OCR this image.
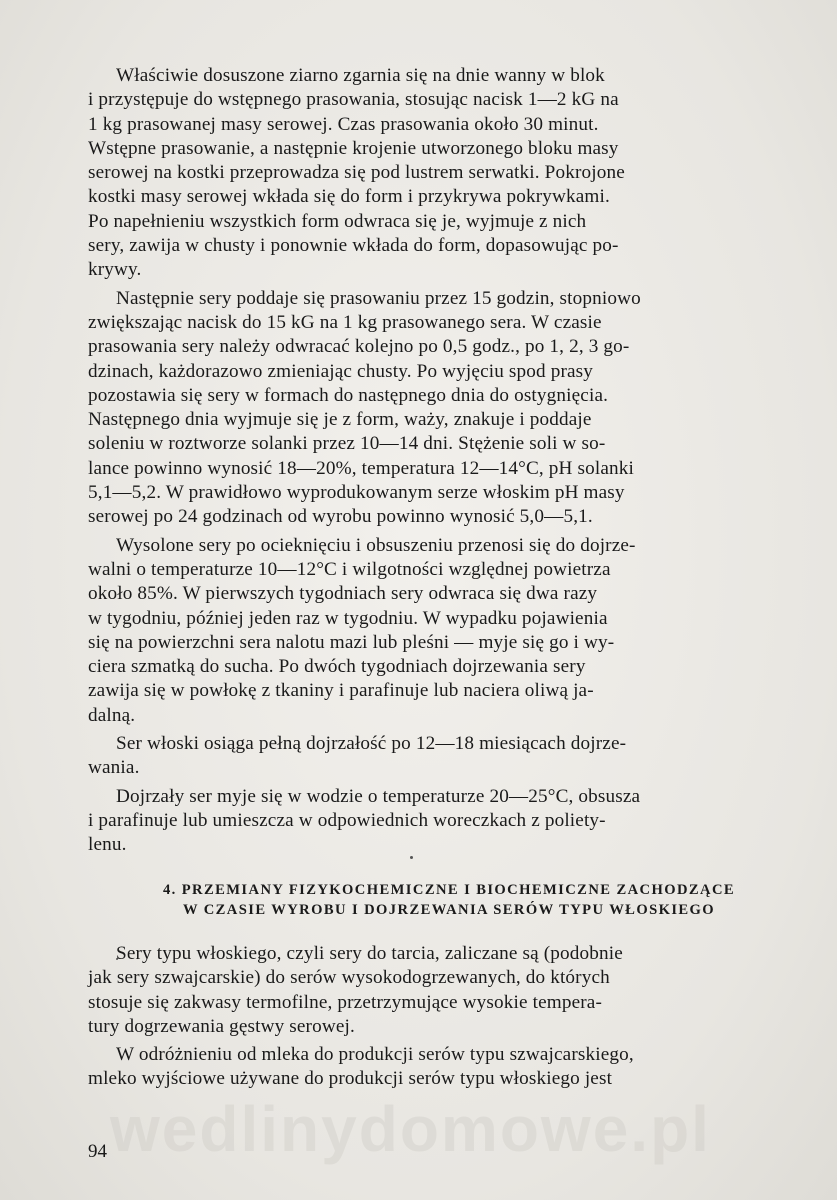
Właściwie dosuszone ziarno zgarnia się na dnie wanny w blok
i przystępuje do wstępnego prasowania, stosując nacisk 1—2 kG na
1 kg prasowanej masy serowej. Czas prasowania około 30 minut.
Wstępne prasowanie, a następnie krojenie utworzonego bloku masy
serowej na kostki przeprowadza się pod lustrem serwatki. Pokrojone
kostki masy serowej wkłada się do form i przykrywa pokrywkami.
Po napełnieniu wszystkich form odwraca się je, wyjmuje z nich
sery, zawija w chusty i ponownie wkłada do form, dopasowując po-
krywy.

Następnie sery poddaje się prasowaniu przez 15 godzin, stopniowo
zwiększając nacisk do 15 kG na 1 kg prasowanego sera. W czasie
prasowania sery należy odwracać kolejno po 0,5 godz., po 1, 2, 3 go-
dzinach, każdorazowo zmieniając chusty. Po wyjęciu spod prasy
pozostawia się sery w formach do następnego dnia do ostygnięcia.
Następnego dnia wyjmuje się je z form, waży, znakuje i poddaje
soleniu w roztworze solanki przez 10—14 dni. Stężenie soli w so-
lance powinno wynosić 18—20%, temperatura 12—14°C, pH solanki
5,1—5,2. W prawidłowo wyprodukowanym serze włoskim pH masy
serowej po 24 godzinach od wyrobu powinno wynosić 5,0—5,1.

Wysolone sery po ocieknięciu i obsuszeniu przenosi się do dojrze-
walni o temperaturze 10—12°C i wilgotności względnej powietrza
około 85%. W pierwszych tygodniach sery odwraca się dwa razy
w tygodniu, później jeden raz w tygodniu. W wypadku pojawienia
się na powierzchni sera nalotu mazi lub pleśni — myje się go i wy-
ciera szmatką do sucha. Po dwóch tygodniach dojrzewania sery
zawija się w powłokę z tkaniny i parafinuje lub naciera oliwą ja-
dalną.

Ser włoski osiąga pełną dojrzałość po 12—18 miesiącach dojrze-
wania.

Dojrzały ser myje się w wodzie o temperaturze 20—25°C, obsusza
i parafinuje lub umieszcza w odpowiednich woreczkach z poliety-
lenu.

4. PRZEMIANY FIZYKOCHEMICZNE I BIOCHEMICZNE ZACHODZĄCE
W CZASIE WYROBU I DOJRZEWANIA SERÓW TYPU WŁOSKIEGO

Sery typu włoskiego, czyli sery do tarcia, zaliczane są (podobnie
jak sery szwajcarskie) do serów wysokodogrzewanych, do których
stosuje się zakwasy termofilne, przetrzymujące wysokie tempera-
tury dogrzewania gęstwy serowej.

W odróżnieniu od mleka do produkcji serów typu szwajcarskiego,
mleko wyjściowe używane do produkcji serów typu włoskiego jest

wedlinydomowe.pl
94
